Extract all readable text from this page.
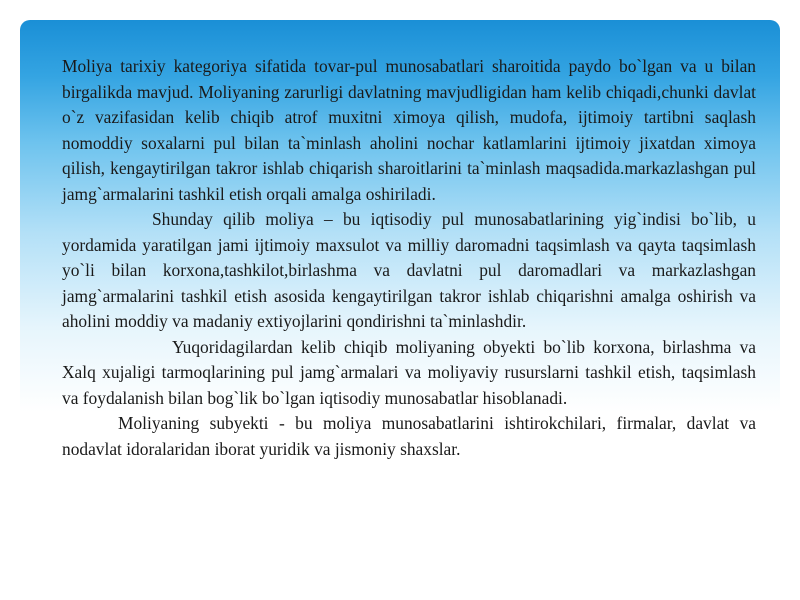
Moliya tarixiy kategoriya sifatida tovar-pul munosabatlari sharoitida paydo bo`lgan va u bilan birgalikda mavjud. Moliyaning zarurligi davlatning mavjudligidan ham kelib chiqadi,chunki davlat o`z vazifasidan kelib chiqib atrof muxitni ximoya qilish, mudofa, ijtimoiy tartibni saqlash nomoddiy soxalarni pul bilan ta`minlash aholini nochar katlamlarini ijtimoiy jixatdan ximoya qilish, kengaytirilgan takror ishlab chiqarish sharoitlarini ta`minlash maqsadida.markazlashgan pul jamg`armalarini tashkil etish orqali amalga oshiriladi.

Shunday qilib moliya – bu iqtisodiy pul munosabatlarining yig`indisi bo`lib, u yordamida yaratilgan jami ijtimoiy maxsulot va milliy daromadni taqsimlash va qayta taqsimlash yo`li bilan korxona,tashkilot,birlashma va davlatni pul daromadlari va markazlashgan jamg`armalarini tashkil etish asosida kengaytirilgan takror ishlab chiqarishni amalga oshirish va aholini moddiy va madaniy extiyojlarini qondirishni ta`minlashdir.

Yuqoridagilardan kelib chiqib moliyaning obyekti bo`lib korxona, birlashma va Xalq xujaligi tarmoqlarining pul jamg`armalari va moliyaviy rusurslarni tashkil etish, taqsimlash va foydalanish bilan bog`lik bo`lgan iqtisodiy munosabatlar hisoblanadi.

Moliyaning subyekti - bu moliya munosabatlarini ishtirokchilari, firmalar, davlat va nodavlat idoralaridan iborat yuridik va jismoniy shaxslar.
